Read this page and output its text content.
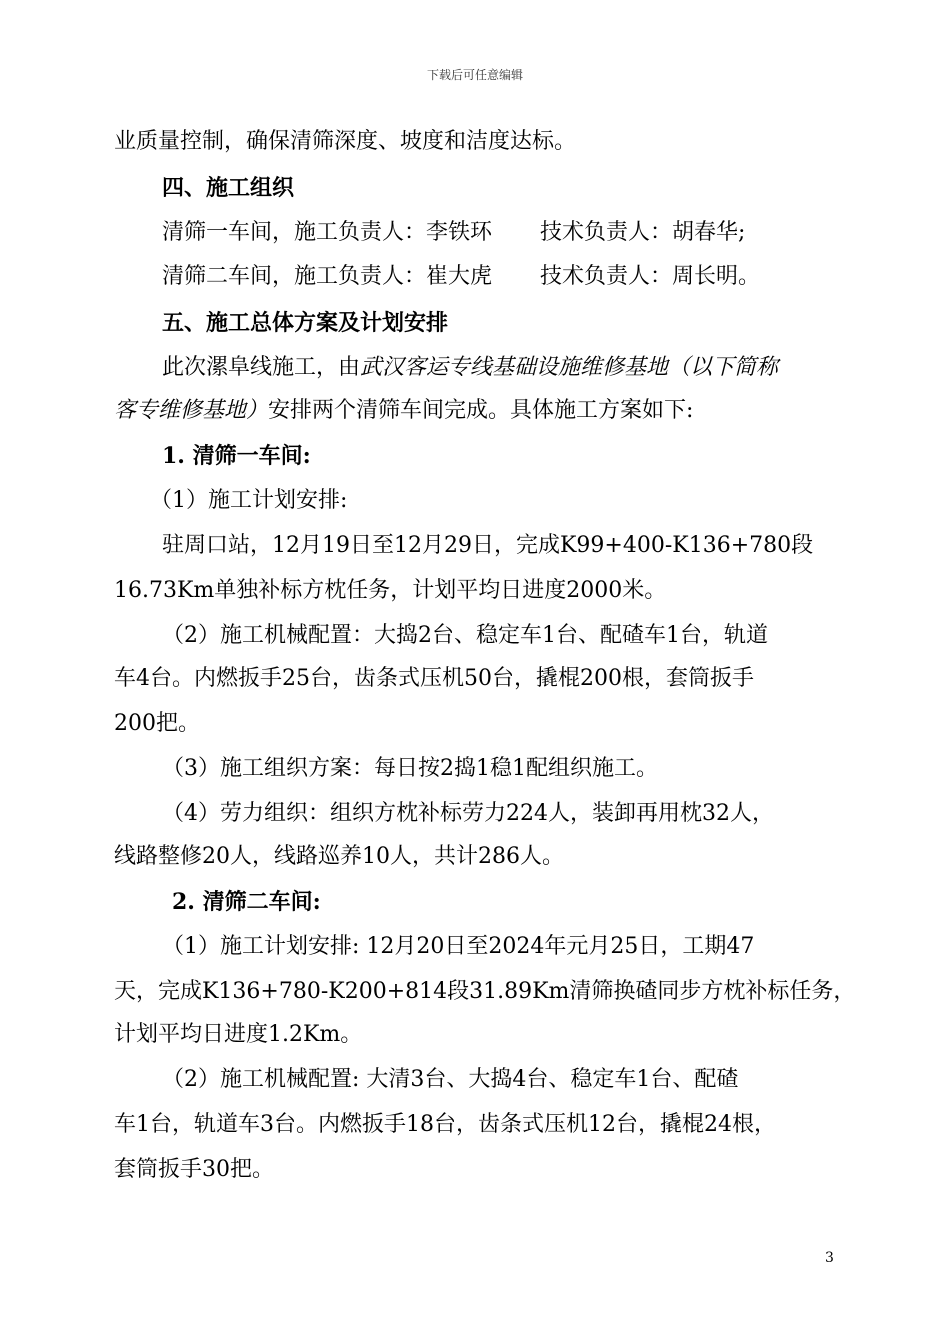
下载后可任意编辑
业质量控制，确保清筛深度、坡度和洁度达标。
四、施工组织
清筛一车间，施工负责人：李铁环 技术负责人：胡春华;
清筛二车间，施工负责人：崔大虎 技术负责人：周长明。
五、施工总体方案及计划安排
此次漯阜线施工，由武汉客运专线基础设施维修基地（以下简称
客专维修基地）安排两个清筛车间完成。具体施工方案如下:
1. 清筛一车间:
（1）施工计划安排:
驻周口站，12月19日至12月29日，完成K99+400-K136+780段
16.73Km单独补标方枕任务，计划平均日进度2000米。
（2）施工机械配置：大捣2台、稳定车1台、配碴车1台，轨道
车4台。内燃扳手25台，齿条式压机50台，撬棍200根，套筒扳手
200把。
（3）施工组织方案：每日按2捣1稳1配组织施工。
（4）劳力组织：组织方枕补标劳力224人，装卸再用枕32人，
线路整修20人，线路巡养10人，共计286人。
2. 清筛二车间:
（1）施工计划安排: 12月20日至2024年元月25日，工期47
天，完成K136+780-K200+814段31.89Km清筛换碴同步方枕补标任务，
计划平均日进度1.2Km。
（2）施工机械配置: 大清3台、大捣4台、稳定车1台、配碴
车1台，轨道车3台。内燃扳手18台，齿条式压机12台，撬棍24根，
套筒扳手30把。
3
